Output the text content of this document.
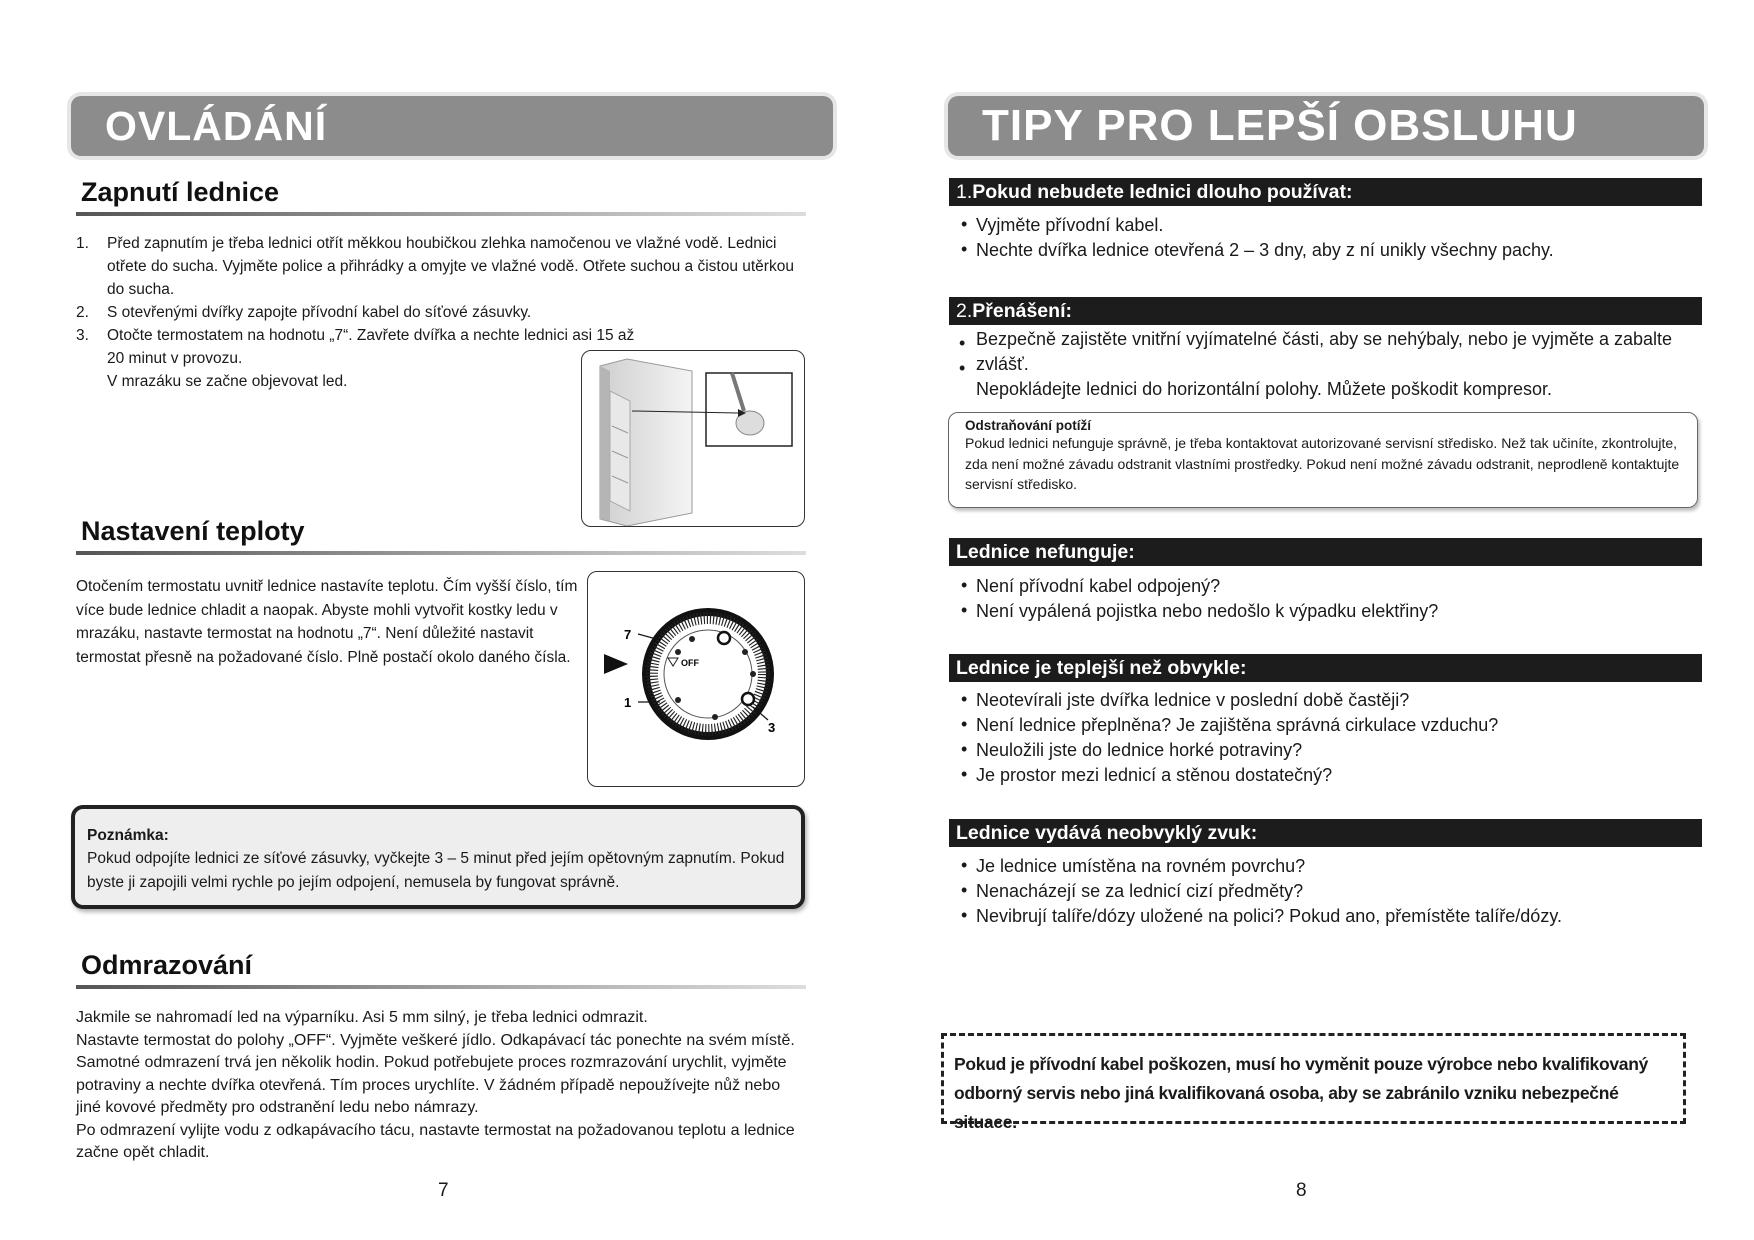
OVLÁDÁNÍ
Zapnutí lednice
1. Před zapnutím je třeba lednici otřít měkkou houbičkou zlehka namočenou ve vlažné vodě. Lednici otřete do sucha. Vyjměte police a přihrádky a omyjte ve vlažné vodě. Otřete suchou a čistou utěrkou do sucha.
2. S otevřenými dvířky zapojte přívodní kabel do síťové zásuvky.
3. Otočte termostatem na hodnotu „7“. Zavřete dvířka a nechte lednici asi 15 až 20 minut v provozu.
V mrazáku se začne objevovat led.
Nastavení teploty
Otočením termostatu uvnitř lednice nastavíte teplotu. Čím vyšší číslo, tím více bude lednice chladit a naopak. Abyste mohli vytvořit kostky ledu v mrazáku, nastavte termostat na hodnotu „7“. Není důležité nastavit termostat přesně na požadované číslo. Plně postačí okolo daného čísla.	OFF
7
1
3
Poznámka:
Pokud odpojíte lednici ze síťové zásuvky, vyčkejte 3 – 5 minut před jejím opětovným zapnutím. Pokud byste ji zapojili velmi rychle po jejím odpojení, nemusela by fungovat správně.
Odmrazování
Jakmile se nahromadí led na výparníku. Asi 5 mm silný, je třeba lednici odmrazit.
Nastavte termostat do polohy „OFF“. Vyjměte veškeré jídlo. Odkapávací tác ponechte na svém místě.
Samotné odmrazení trvá jen několik hodin. Pokud potřebujete proces rozmrazování urychlit, vyjměte
potraviny a nechte dvířka otevřená. Tím proces urychlíte. V žádném případě nepoužívejte nůž nebo
jiné kovové předměty pro odstranění ledu nebo námrazy.
Po odmrazení vylijte vodu z odkapávacího tácu, nastavte termostat na požadovanou teplotu a lednice
začne opět chladit.
7
TIPY PRO LEPŠÍ OBSLUHU
1.Pokud nebudete lednici dlouho používat:
• Vyjměte přívodní kabel.
• Nechte dvířka lednice otevřená 2 – 3 dny, aby z ní unikly všechny pachy.
2.Přenášení:
• Bezpečně zajistěte vnitřní vyjímatelné části, aby se nehýbaly, nebo je vyjměte a zabalte
• zvlášť.
Nepokládejte lednici do horizontální polohy. Můžete poškodit kompresor.
Odstraňování potíží
Pokud lednici nefunguje správně, je třeba kontaktovat autorizované servisní středisko. Než tak učiníte, zkontrolujte, zda není možné závadu odstranit vlastními prostředky. Pokud není možné závadu odstranit, neprodleně kontaktujte servisní středisko.
Lednice nefunguje:
• Není přívodní kabel odpojený?
• Není vypálená pojistka nebo nedošlo k výpadku elektřiny?
Lednice je teplejší než obvykle:
• Neotevírali jste dvířka lednice v poslední době častěji?
• Není lednice přeplněna? Je zajištěna správná cirkulace vzduchu?
• Neuložili jste do lednice horké potraviny?
• Je prostor mezi lednicí a stěnou dostatečný?
Lednice vydává neobvyklý zvuk:
• Je lednice umístěna na rovném povrchu?
• Nenacházejí se za lednicí cizí předměty?
• Nevibrují talíře/dózy uložené na polici? Pokud ano, přemístěte talíře/dózy.
Pokud je přívodní kabel poškozen, musí ho vyměnit pouze výrobce nebo kvalifikovaný odborný servis nebo jiná kvalifikovaná osoba, aby se zabránilo vzniku nebezpečné situace.
8
